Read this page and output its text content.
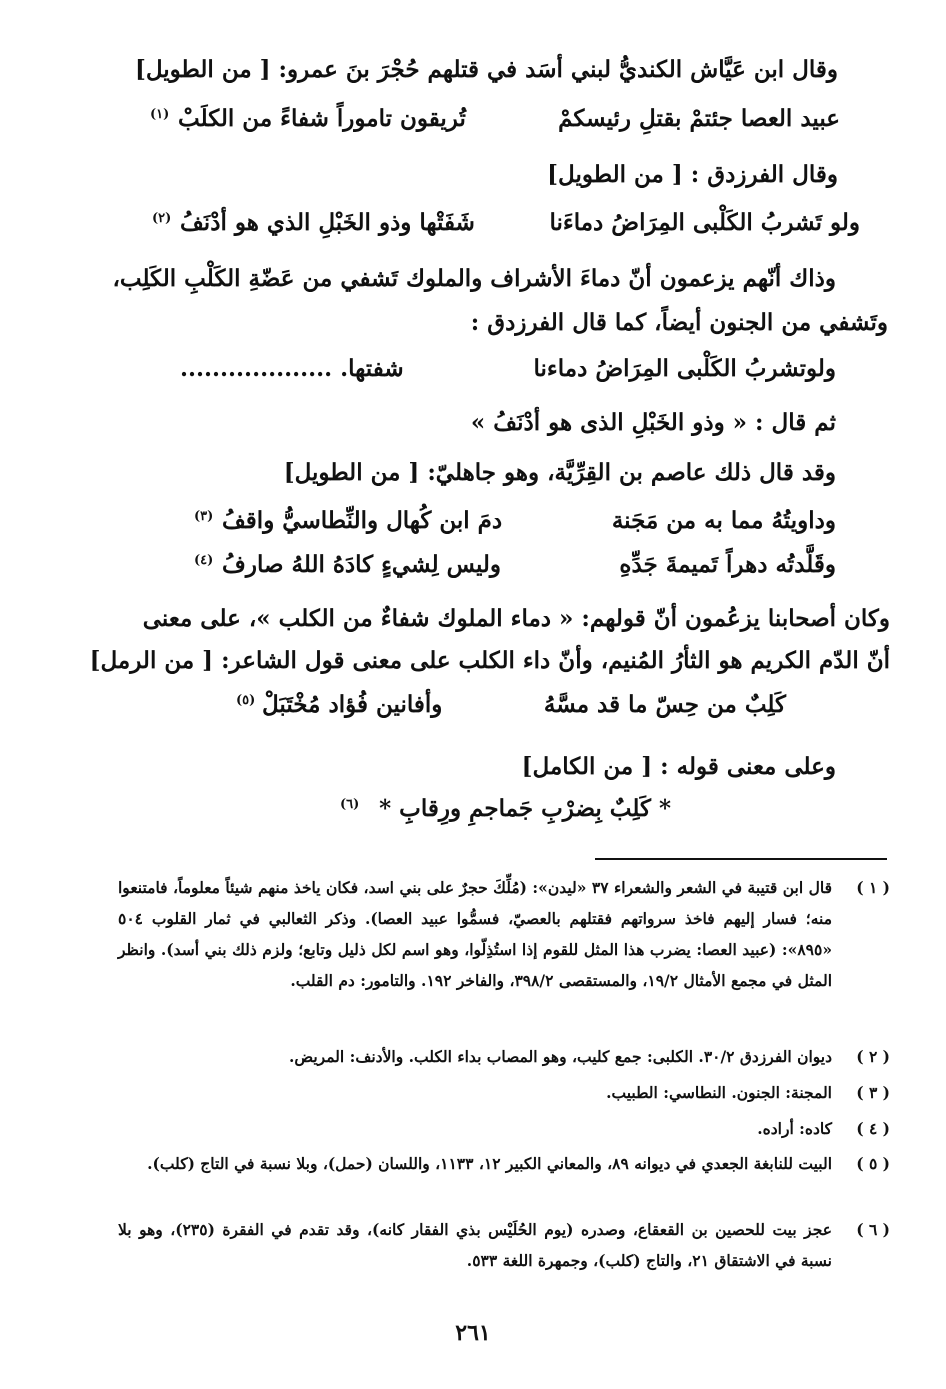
وقال ابن عَيَّاش الكنديُّ لبني أسَد في قتلهم حُجْرَ بنَ عمرو: [ من الطويل]
عبيد العصا جئتمْ بقتلِ رئيسكمْ
تُريقون تاموراً شفاءً من الكلَبْ
(١)
وقال الفرزدق : [ من الطويل]
ولو تَشربُ الكَلْبى المِرَاضُ دماءَنا
شَفَتْها وذو الخَبْلِ الذي هو أدْنَفُ
(٢)
وذاك أنّهم يزعمون أنّ دماءَ الأشراف والملوك تَشفي من عَضّةِ الكَلْبِ الكَلِب،
وتَشفي من الجنون أيضاً، كما قال الفرزدق :
ولوتشربُ الكَلْبى المِرَاضُ دماءنا
شفتها. ...................
ثم قال : « وذو الخَبْلِ الذى هو أدْنَفُ »
وقد قال ذلك عاصم بن القِرِّيَّة، وهو جاهليّ: [ من الطويل]
وداويتُهُ مما به من مَجَنة
دمَ ابن كُهال والنِّطاسيُّ واقفُ
(٣)
وقَلَّدتُه دهراً تَميمةَ جَدِّهِ
وليس لِشيءٍ كادَهُ اللهُ صارفُ
(٤)
وكان أصحابنا يزعُمون أنّ قولهم: « دماء الملوك شفاءٌ من الكلب »، على معنى
أنّ الدّم الكريم هو الثأرُ المُنيم، وأنّ داء الكلب على معنى قول الشاعر: [ من الرمل]
كَلِبٌ من حِسّ ما قد مسَّهُ
وأفانين فُؤاد مُخْتَبَلْ
(٥)
وعلى معنى قوله : [ من الكامل]
* كَلِبٌ بِضرْبِ جَماجمِ ورِقابِ *
(٦)
( ١ )
قال ابن قتيبة في الشعر والشعراء ٣٧ «ليدن»: (مُلِّكَ حجرٌ على بني اسد، فكان ياخذ منهم شيئاً معلوماً، فامتنعوا منه؛ فسار إليهم فاخذ سرواتهم فقتلهم بالعصيّ، فسمُّوا عبيد العصا). وذكر الثعالبي في ثمار القلوب ٥٠٤ «٨٩٥»: (عبيد العصا: يضرب هذا المثل للقوم إذا استُذِلّوا، وهو اسم لكل ذليل وتابع؛ ولزم ذلك بني أسد). وانظر المثل في مجمع الأمثال ١٩/٢، والمستقصى ٣٩٨/٢، والفاخر ١٩٢. والتامور: دم القلب.
( ٢ )
ديوان الفرزدق ٣٠/٢. الكلبى: جمع كليب، وهو المصاب بداء الكلب. والأدنف: المريض.
( ٣ )
المجنة: الجنون. النطاسي: الطبيب.
( ٤ )
كاده: أراده.
( ٥ )
البيت للنابغة الجعدي في ديوانه ٨٩، والمعاني الكبير ١٢، ١١٣٣، واللسان (حمل)، وبلا نسبة في التاج (كلب).
( ٦ )
عجز بيت للحصين بن القعقاع، وصدره (يوم الحُلَيْس بذي الفقار كانه)، وقد تقدم في الفقرة (٢٣٥)، وهو بلا نسبة في الاشتقاق ٢١، والتاج (كلب)، وجمهرة اللغة ٥٣٣.
٢٦١
